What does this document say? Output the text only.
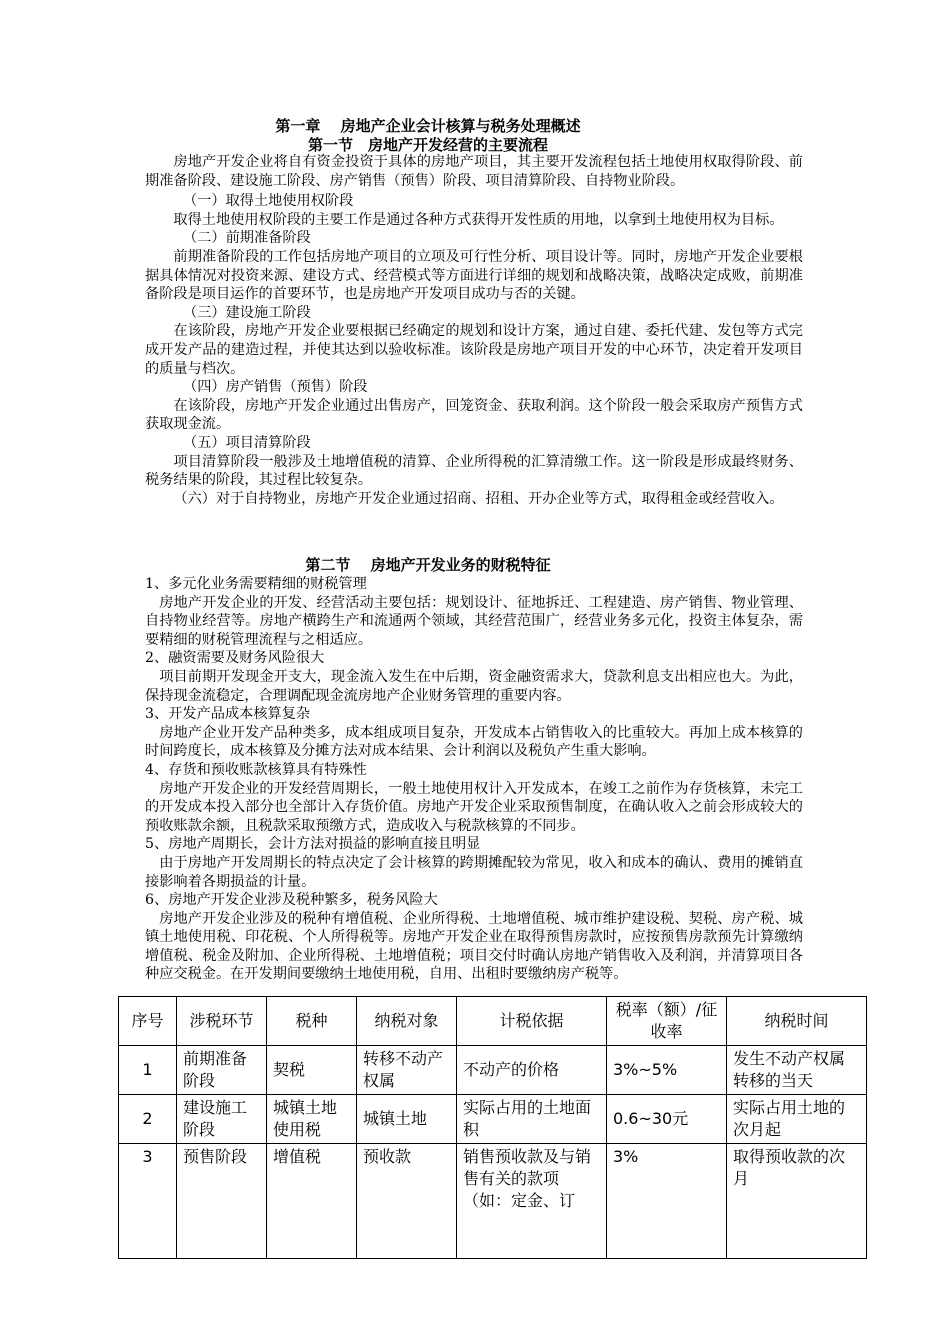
第一章　 房地产企业会计核算与税务处理概述
第一节　房地产开发经营的主要流程

房地产开发企业将自有资金投资于具体的房地产项目，其主要开发流程包括土地使用权取得阶段、前期准备阶段、建设施工阶段、房产销售（预售）阶段、项目清算阶段、自持物业阶段。

（一）取得土地使用权阶段

取得土地使用权阶段的主要工作是通过各种方式获得开发性质的用地，以拿到土地使用权为目标。

（二）前期准备阶段

前期准备阶段的工作包括房地产项目的立项及可行性分析、项目设计等。同时，房地产开发企业要根据具体情况对投资来源、建设方式、经营模式等方面进行详细的规划和战略决策，战略决定成败，前期准备阶段是项目运作的首要环节，也是房地产开发项目成功与否的关键。

（三）建设施工阶段

在该阶段，房地产开发企业要根据已经确定的规划和设计方案，通过自建、委托代建、发包等方式完成开发产品的建造过程，并使其达到以验收标准。该阶段是房地产项目开发的中心环节，决定着开发项目的质量与档次。

（四）房产销售（预售）阶段

在该阶段，房地产开发企业通过出售房产，回笼资金、获取利润。这个阶段一般会采取房产预售方式获取现金流。

（五）项目清算阶段

项目清算阶段一般涉及土地增值税的清算、企业所得税的汇算清缴工作。这一阶段是形成最终财务、税务结果的阶段，其过程比较复杂。

（六）对于自持物业，房地产开发企业通过招商、招租、开办企业等方式，取得租金或经营收入。

第二节　 房地产开发业务的财税特征

1、多元化业务需要精细的财税管理

房地产开发企业的开发、经营活动主要包括：规划设计、征地拆迁、工程建造、房产销售、物业管理、自持物业经营等。房地产横跨生产和流通两个领域，其经营范围广，经营业务多元化，投资主体复杂，需要精细的财税管理流程与之相适应。

2、融资需要及财务风险很大

项目前期开发现金开支大，现金流入发生在中后期，资金融资需求大，贷款利息支出相应也大。为此，保持现金流稳定，合理调配现金流房地产企业财务管理的重要内容。

3、开发产品成本核算复杂

房地产企业开发产品种类多，成本组成项目复杂，开发成本占销售收入的比重较大。再加上成本核算的时间跨度长，成本核算及分摊方法对成本结果、会计利润以及税负产生重大影响。

4、存货和预收账款核算具有特殊性

房地产开发企业的开发经营周期长，一般土地使用权计入开发成本，在竣工之前作为存货核算，未完工的开发成本投入部分也全部计入存货价值。房地产开发企业采取预售制度，在确认收入之前会形成较大的预收账款余额，且税款采取预缴方式，造成收入与税款核算的不同步。

5、房地产周期长，会计方法对损益的影响直接且明显

由于房地产开发周期长的特点决定了会计核算的跨期摊配较为常见，收入和成本的确认、费用的摊销直接影响着各期损益的计量。

6、房地产开发企业涉及税种繁多，税务风险大

房地产开发企业涉及的税种有增值税、企业所得税、土地增值税、城市维护建设税、契税、房产税、城镇土地使用税、印花税、个人所得税等。房地产开发企业在取得预售房款时，应按预售房款预先计算缴纳增值税、税金及附加、企业所得税、土地增值税；项目交付时确认房地产销售收入及利润，并清算项目各种应交税金。在开发期间要缴纳土地使用税，自用、出租时要缴纳房产税等。

序号	涉税环节	税种	纳税对象	计税依据	税率（额）/征收率	纳税时间
1	前期准备阶段	契税	转移不动产权属	不动产的价格	3%~5%	发生不动产权属转移的当天
2	建设施工阶段	城镇土地使用税	城镇土地	实际占用的土地面积	0.6~30元	实际占用土地的次月起

3	预售阶段	增值税	预收款	销售预收款及与销售有关的款项（如：定金、订	3%	取得预收款的次月
